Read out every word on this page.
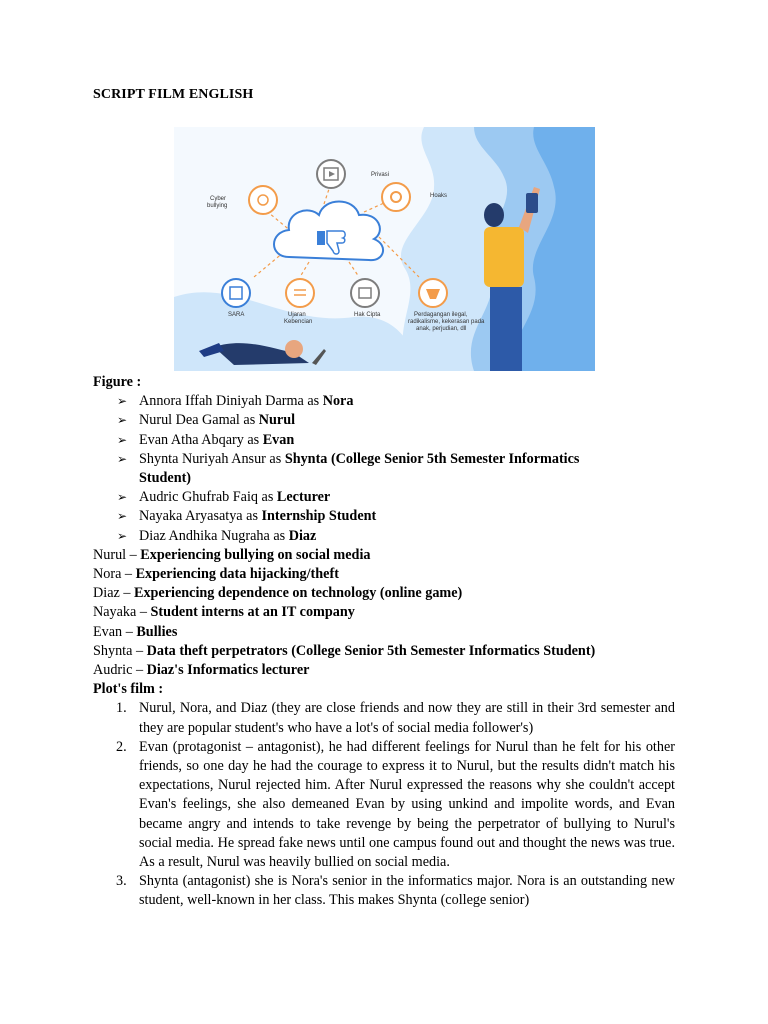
SCRIPT FILM ENGLISH
Privasi
Hoaks
Cyber
bullying
SARA	Ujaran
Kebencian
Hak Cipta	Perdagangan ilegal,
radikalisme, kekerasan pada
anak, perjudian, dll
Figure :
➢ Annora Iffah Diniyah Darma as Nora
➢ Nurul Dea Gamal as Nurul
➢ Evan Atha Abqary as Evan
➢ Shynta Nuriyah Ansur as Shynta (College Senior 5th Semester Informatics
Student)
➢ Audric Ghufrab Faiq as Lecturer
➢ Nayaka Aryasatya as Internship Student
➢ Diaz Andhika Nugraha as Diaz
Nurul – Experiencing bullying on social media
Nora – Experiencing data hijacking/theft
Diaz – Experiencing dependence on technology (online game)
Nayaka – Student interns at an IT company
Evan – Bullies
Shynta – Data theft perpetrators (College Senior 5th Semester Informatics Student)
Audric – Diaz's Informatics lecturer
Plot's film :
1. Nurul, Nora, and Diaz (they are close friends and now they are still in their 3rd semester and they are popular student's who have a lot's of social media follower's)
2. Evan (protagonist – antagonist), he had different feelings for Nurul than he felt for his other friends, so one day he had the courage to express it to Nurul, but the results didn't match his expectations, Nurul rejected him. After Nurul expressed the reasons why she couldn't accept Evan's feelings, she also demeaned Evan by using unkind and impolite words, and Evan became angry and intends to take revenge by being the perpetrator of bullying to Nurul's social media. He spread fake news until one campus found out and thought the news was true. As a result, Nurul was heavily bullied on social media.
3. Shynta (antagonist) she is Nora's senior in the informatics major. Nora is an outstanding new student, well-known in her class. This makes Shynta (college senior)
